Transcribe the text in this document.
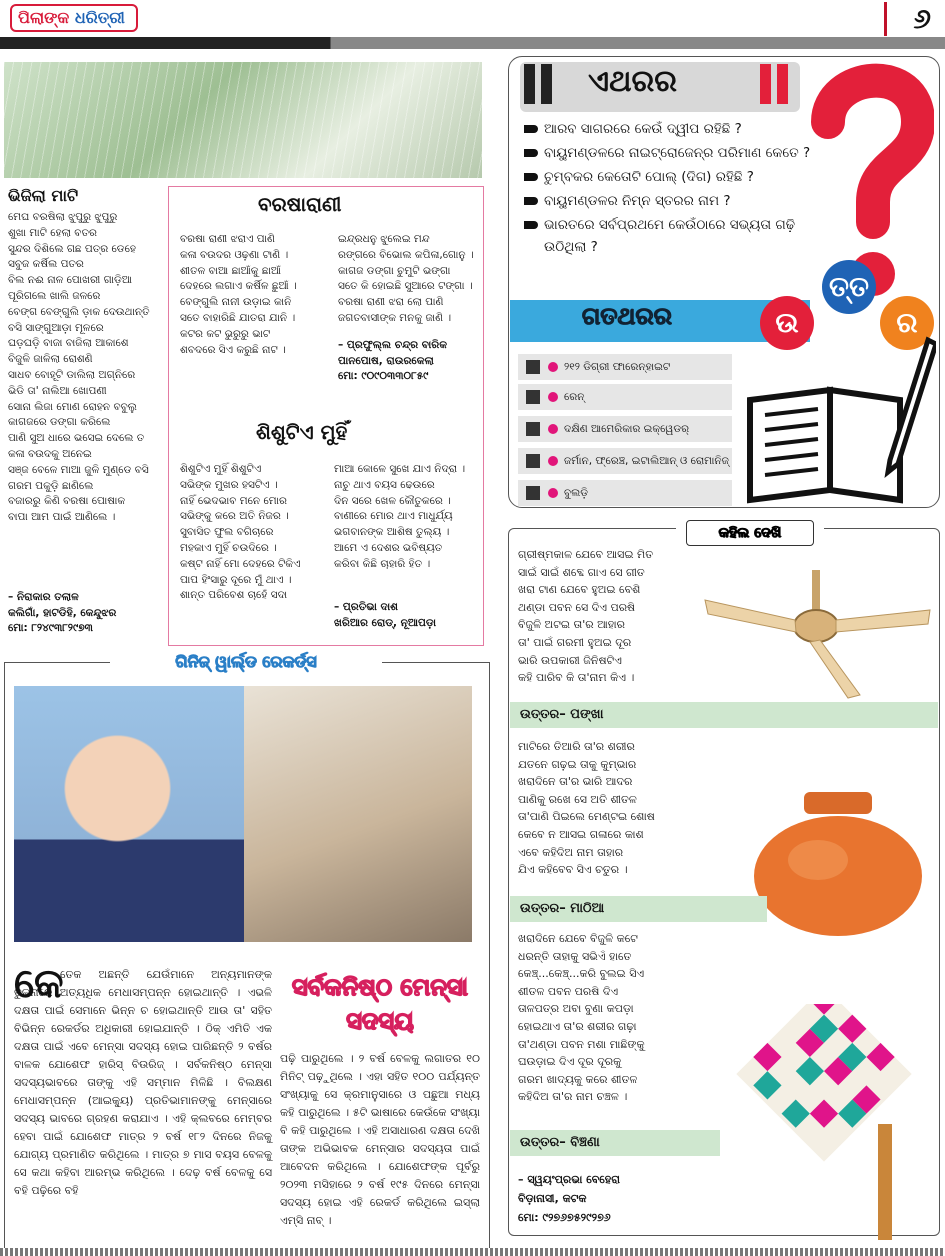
ପିଲାଙ୍କ ଧରିତ୍ରୀ	୬
ଭିଜିଲା ମାଟି
ମେଘ ବରଷିଲା ଝୁପୁରୁ ଝୁପୁରୁ
ଶୁଖା ମାଟି ହେଲା ବତର
ସୁନ୍ଦର ଦିଶିଲେ ଗଛ ପତ୍ର ଡେହେ
ସବୁଜ କର୍ଷିଲ ପତର
ବିଲ ନଈ ନାଳ ପୋଖରୀ ଗାଡ଼ିଆ
ପୂରିଗଲେ ଖାଲି ଜଳରେ
ବେଙ୍ଗ ବେଙ୍ଗୁଲି ଡ଼ାକ ଦେଉଥାନ୍ତି
ବସି ସାଙ୍ଗୁଆଡ଼ା ମୂଳରେ
ଘଡ଼ଘଡ଼ି ବାଜା ବାଜିଲା ଆକାଶେ
ବିଜୁଳି ଜାଳିଲା ରୋଶଣି
ସାଧବ ବୋହୂଟି ଡାଲିଲା ଅଗ୍ନିରେ
ଭିଡି ତା' ନାଲିଆ ଖୋପଣୀ
ସୋନା ଲିଜା ମୋଣ ରୋହନ ବବୁଲୁ
କାଗଜରେ ଡଙ୍ଗା କରିଲେ
ପାଣି ସୁଅ ଧାରେ ଭସେଇ ଦେଲେ ତ
କଳା ବଉଦକୁ ଅନେଇ
ସଞ୍ଜ ବେଳେ ମାଆ ଜୁଳି ମୁଣ୍ଡେ ବସି
ଗରମ ପକୁଡ଼ି ଛାଣିଲେ
ବଜାରରୁ କିଣି ବରଷା ପୋଷାକ
ବାପା ଆମ ପାଇଁ ଆଣିଲେ ।
– ନିରାକାର ତଲାଳ
କଲିଗାଁ, ହାଟଡିହି, କେନ୍ଦୁଝର
ମୋ: ୮୨୪୯୩୮୨୯୭୩
ବରଷାରାଣୀ
ବରଷା ରାଣୀ ଝରାଏ ପାଣି
କଳା ବଉଦର ଓଢ଼ଣା ଟାଣି ।
ଶୀତଳ ବାଆ ଛାଆଁକୁ ଛାଆଁ
ଦେହରେ ଲଗାଏ କର୍ଷିଳ ଛୁଆଁ ।
ବେଙ୍ଗୁଲି ନାନୀ ଉଡ଼ାଇ କାନି
ସତେ ବାହାରିଛି ଯାତରା ଯାନି ।
କଟର କଟ ଭୁରୁରୁ ଭାଟ
ଶବଦରେ ସିଏ କରୁଛି ନାଟ ।
ଇନ୍ଦ୍ରଧନୁ ଝୁଲେଇ ମନ୍ଦ
ରଙ୍ଗରେ ବିଭୋଲ କପିଳା,ଗୋନୁ ।
କାଗଜ ଡଙ୍ଗା ଚୁମୁଟି ଭଙ୍ଗା
ସତେ କି ହୋଇଛି ସୁଆରେ ଟଙ୍ଗା ।
ବରଷା ରାଣୀ ଝରା ଲୋ ପାଣି
ଜଗତବାସୀଙ୍କ ମନକୁ ଜାଣି ।
– ପ୍ରଫୁଲ୍ଲ ଚନ୍ଦ୍ର ବାରିକ
ପାନପୋଷ, ରାଉରକେଲା
ମୋ: ୯୦୯୦୩୩୦୮୫୯
ଶିଶୁଟିଏ ମୁହିଁ
ଶିଶୁଟିଏ ମୁହିଁ ଶିଶୁଟିଏ
ସଭିଙ୍କ ମୁଖର ହସଟିଏ ।
ନାହିଁ ଭେଦଭାବ ମନେ ମୋର
ସଭିଙ୍କୁ କରେ ଅତି ନିଜର ।
ସୁବାସିତ ଫୁଲ ବଗିଚାରେ
ମହକାଏ ମୁହିଁ ଚଉଦିରେ ।
କଷ୍ଟ ନାହିଁ ମୋ ଦେହରେ ଟିକିଏ
ପାପ ହିଂସାରୁ ଦୂରେ ମୁଁ ଥାଏ ।
ଶାନ୍ତ ପରିବେଶ ଚାହେଁ ସଦା
ମାଆ କୋଳେ ସୁଖେ ଯାଏ ନିଦ୍ରା ।
ନାଚୁ ଥାଏ ବୟସ ଢେଉରେ
ଦିନ ସରେ ଖେଳ କୌତୁକରେ ।
ବାଣୀରେ ମୋର ଥାଏ ମାଧୁର୍ଯ୍ୟ
ଭଗବାନଙ୍କ ଆଶିଷ ତୁଲ୍ୟ ।
ଆମେ ଏ ଦେଶର ଭବିଷ୍ୟତ
କରିବା କିଛି ଚାହାରି ହିତ ।
– ପ୍ରତିଭା ଦାଶ
ଖରିଆର ରୋଡ୍, ନୂଆପଡ଼ା
ଏଥରର
ଆରବ ସାଗରରେ କେଉଁ ଦ୍ୱୀପ ରହିଛି ?
ବାୟୁମଣ୍ଡଳରେ ନାଇଟ୍ରୋଜେନ୍‌ର ପରିମାଣ କେତେ ?
ଚୁମ୍ବକର କେତୋଟି ପୋଲ୍ (ଦିଗ) ରହିଛି ?
ବାୟୁମଣ୍ଡଳର ନିମ୍ନ ସ୍ତରର ନାମ ?
ଭାରତରେ ସର୍ବପ୍ରଥମେ କେଉଁଠାରେ ସଭ୍ୟତା ଗଢ଼ି ଉଠିଥିଲା ?
ଗତଥରର	ଉ
ତ୍ତ
ର
୨୧୨ ଡିଗ୍ରୀ ଫାରେନ୍ହାଇଟ
ରେନ୍
ଦକ୍ଷିଣ ଆମେରିକାର ଇକ୍ୱେଡର୍
ଜର୍ମାନ, ଫ୍ରେଞ୍ଚ, ଇଟାଲିଆନ୍ ଓ ରୋମାନିଜ୍
ବୁଲଡ଼ି
କହିଲ ଦେଖି
ଗ୍ରୀଷ୍ମକାଳ ଯେବେ ଆସଇ ମିତ
ସାଇଁ ସାଇଁ ଶବ୍ଦେ ଗାଏ ସେ ଗୀତ
ଖରା ଟାଣ ଯେବେ ହୁଅଇ ବେଶି
ଥଣ୍ଡା ପବନ ସେ ଦିଏ ପରଷି
ବିଜୁଳି ଅଟଇ ତା'ର ଆହାର
ତା' ପାଇଁ ଗରମୀ ହୁଅଇ ଦୂର
ଭାରି ଉପକାରୀ ଜିନିଷଟିଏ
କହି ପାରିବ କି ତା'ନାମ କିଏ ।
ଉତ୍ତର– ପଙ୍ଖା
ମାଟିରେ ତିଆରି ତା'ର ଶରୀର
ଯତନେ ଗଢ଼ଇ ତାକୁ କୁମ୍ଭାର
ଖରାଦିନେ ତା'ର ଭାରି ଆଦର
ପାଣିକୁ ରଖେ ସେ ଅତି ଶୀତଳ
ତା'ପାଣି ପିଇଲେ ମେଣ୍ଟଇ ଶୋଷ
କେବେ ନ ଆସଇ ଗଳାରେ କାଶ
ଏବେ କହିଦିଅ ନାମ ତାହାର
ଯିଏ କହିବେବ ସିଏ ଚତୁର ।
ଉତ୍ତର– ମାଠିଆ
ଖରାଦିନେ ଯେବେ ବିଜୁଳି କଟେ
ଧରନ୍ତି ତାହାକୁ ସଭିଏଁ ହାତେ
କେଞ୍ଚ୍...କେଞ୍ଚ୍...କରି ବୁଲଇ ସିଏ
ଶୀତଳ ପବନ ପରଷି ଦିଏ
ତାଳପତ୍ର ଅବା ବୁଣା କପଡ଼ା
ହୋଇଥାଏ ତା'ର ଶରୀର ଗଢ଼ା
ତା'ଥଣ୍ଡା ପବନ ମଶା ମାଛିଙ୍କୁ
ଘଉଡ଼ାଇ ଦିଏ ଦୂର ଦୂରକୁ
ଗରମ ଖାଦ୍ୟକୁ କରେ ଶୀତଳ
କହିଦିଅ ତା'ର ନାମ ଚଞ୍ଚଳ ।
ଉତ୍ତର– ବିଞ୍ଚଣା
– ସ୍ୱୟଂପ୍ରଭା ବେହେରା
ବିଡ଼ାନାସୀ, କଟକ
ମୋ: ୯୨୭୬୭୫୨୯୨୭୬
ଗିନିଜ୍ ୱାର୍ଲ୍ଡ ରେକର୍ଡ୍ସ
କେ
ତେକ ଅଛନ୍ତି ଯେଉଁମାନେ ଅନ୍ୟମାନଙ୍କ ତୁଳନାରେ ଅତ୍ୟଧିକ ମେଧାସମ୍ପନ୍ନ ହୋଇଥାନ୍ତି । ଏଭଳି ଦକ୍ଷତା ପାଇଁ ସେମାନେ ଭିନ୍ନ ଚ ହୋଇଥାନ୍ତି ଆଉ ତା' ସହିତ ବିଭିନ୍ନ ରେକର୍ଡର ଅଧିକାରୀ ହୋଇଯାନ୍ତି । ଠିକ୍ ଏମିତି ଏକ ଦକ୍ଷତା ପାଇଁ ଏବେ ମେନ୍‌ସା ସଦସ୍ୟ ହୋଇ ପାରିଛନ୍ତି ୨ ବର୍ଷର ବାଳକ ଯୋଶେଫ ହାରିସ୍ ବିଉରିଜ୍ । ସର୍ବକନିଷ୍ଠ ମେନ୍‌ସା ସଦସ୍ୟଭାବରେ ତାଙ୍କୁ ଏହି ସମ୍ମାନ ମିଳିଛି । ବିଲକ୍ଷଣ ମେଧାସମ୍ପନ୍ନ (ଆଇକ୍ୟୁ) ପ୍ରତିଭାମାନଙ୍କୁ ମେନ୍‌ସାରେ ସଦସ୍ୟ ଭାବରେ ଗ୍ରହଣ କରାଯାଏ । ଏହି କ୍ଲବରେ ମେମ୍ବର ହେବା ପାଇଁ ଯୋଶେଫ ମାତ୍ର ୨ ବର୍ଷ ୧୮୨ ଦିନରେ ନିଜକୁ ଯୋଗ୍ୟ ପ୍ରମାଣିତ କରିଥିଲେ । ମାତ୍ର ୭ ମାସ ବୟସ ବେଳକୁ ସେ କଥା କହିବା ଆରମ୍ଭ କରିଥିଲେ । ଦେଢ଼ ବର୍ଷ ବେଳକୁ ସେ ବହି ପଢ଼ିରେ ବହି
ସର୍ବକନିଷ୍ଠ ମେନ୍‌ସା ସଦସ୍ୟ
ପଢ଼ି ପାରୁଥିଲେ । ୨ ବର୍ଷ ବେଳକୁ ଲଗାତର ୧୦ ମିନିଟ୍ ପଢ଼ୁଥିଲେ । ଏହା ସହିତ ୧୦୦ ପର୍ଯ୍ୟନ୍ତ ସଂଖ୍ୟାକୁ ସେ କ୍ରମାନୁସାରେ ଓ ପଛୁଆ ମଧ୍ୟ କହି ପାରୁଥିଲେ । ୫ଟି ଭାଷାରେ କେଉଁକେ ସଂଖ୍ୟା ବି କହି ପାରୁଥିଲେ । ଏହି ଅସାଧାରଣ ଦକ୍ଷତା ଦେଖି ତାଙ୍କ ଅଭିଭାବକ ମେନ୍‌ସାର ସଦସ୍ୟତା ପାଇଁ ଆବେଦନ କରିଥିଲେ । ଯୋଶେଫଙ୍କ ପୂର୍ବରୁ ୨୦୨୩ ମସିହାରେ ୨ ବର୍ଷ ୧୯୫ ଦିନରେ ମେନ୍‌ସା ସଦସ୍ୟ ହୋଇ ଏହି ରେକର୍ଡ କରିଥିଲେ ଇସ୍‌ଲା ଏମ୍‌ସି ନାବ୍ ।
